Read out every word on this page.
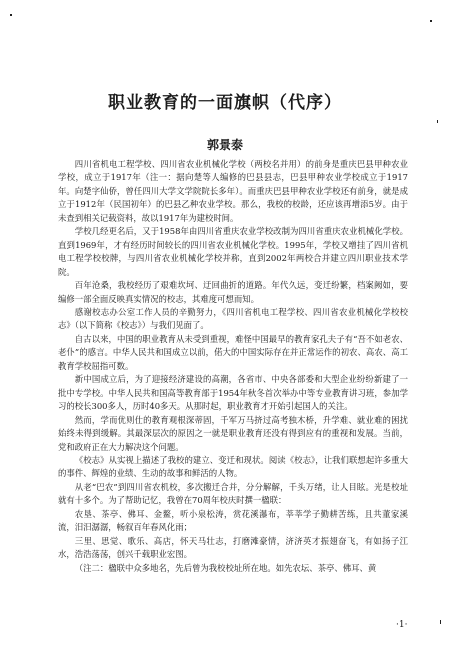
职业教育的一面旗帜（代序）
郭景泰

四川省机电工程学校、四川省农业机械化学校（两校名并用）的前身是重庆巴县甲种农业学校，成立于1917年（注一：据向楚等人编修的巴县县志，巴县甲种农业学校成立于1917年。向楚字仙侨，曾任四川大学文学院院长多年）。而重庆巴县甲种农业学校还有前身，就是成立于1912年（民国初年）的巴县乙种农业学校。那么，我校的校龄，还应该再增添5岁。由于未查到相关记载资料，故以1917年为建校时间。

学校几经更名后，又于1958年由四川省重庆农业学校改制为四川省重庆农业机械化学校。直到1969年，才有经历时间较长的四川省农业机械化学校。1995年，学校又增挂了四川省机电工程学校校牌，与四川省农业机械化学校并称，直到2002年两校合并建立四川职业技术学院。

百年沧桑，我校经历了艰难坎坷、迂回曲折的道路。年代久远，变迁纷繁，档案阙如，要编修一部全面反映真实情况的校志，其难度可想而知。

感谢校志办公室工作人员的辛勤努力，《四川省机电工程学校、四川省农业机械化学校校志》（以下简称《校志》）与我们见面了。

自古以来，中国的职业教育从未受到重视，难怪中国最早的教育家孔夫子有“吾不如老农、老仆”的感言。中华人民共和国成立以前，偌大的中国实际存在并正常运作的初农、高农、高工教育学校屈指可数。

新中国成立后，为了迎接经济建设的高潮，各省市、中央各部委和大型企业纷纷新建了一批中专学校。中华人民共和国高等教育部于1954年秋冬首次举办中等专业教育讲习班，参加学习的校长300多人，历时40多天。从那时起，职业教育才开始引起国人的关注。

然而，学而优则仕的教育观根深蒂固，千军万马挤过高考独木桥，升学难、就业难的困扰始终未得到缓解。其最深层次的原因之一就是职业教育还没有得到应有的重视和发展。当前，党和政府正在大力解决这个问题。

《校志》从实视上描述了我校的建立、变迁和现状。阅读《校志》，让我们联想起许多重大的事件、辉煌的业绩、生动的故事和鲜活的人物。

从老“巴农”到四川省农机校，多次搬迁合并，分分解解，千头万绪，让人目眩。光是校址就有十多个。为了帮助记忆，我曾在70周年校庆时撰一楹联：

农垦、茶亭、佛耳、金鳌，听小泉松涛，赏花溪瀑布，莘莘学子勤耕苦练，且共董家溪流，汨汨潺潺，畅叙百年春风化雨；

三里、思觉、歌乐、高店，怀天马壮志，打磨滩豪情，济济英才振翅奋飞，有如扬子江水，浩浩荡荡，创兴千载职业宏图。

（注二：楹联中众多地名，先后曾为我校校址所在地。如先农坛、茶亭、佛耳、黄

·1·
